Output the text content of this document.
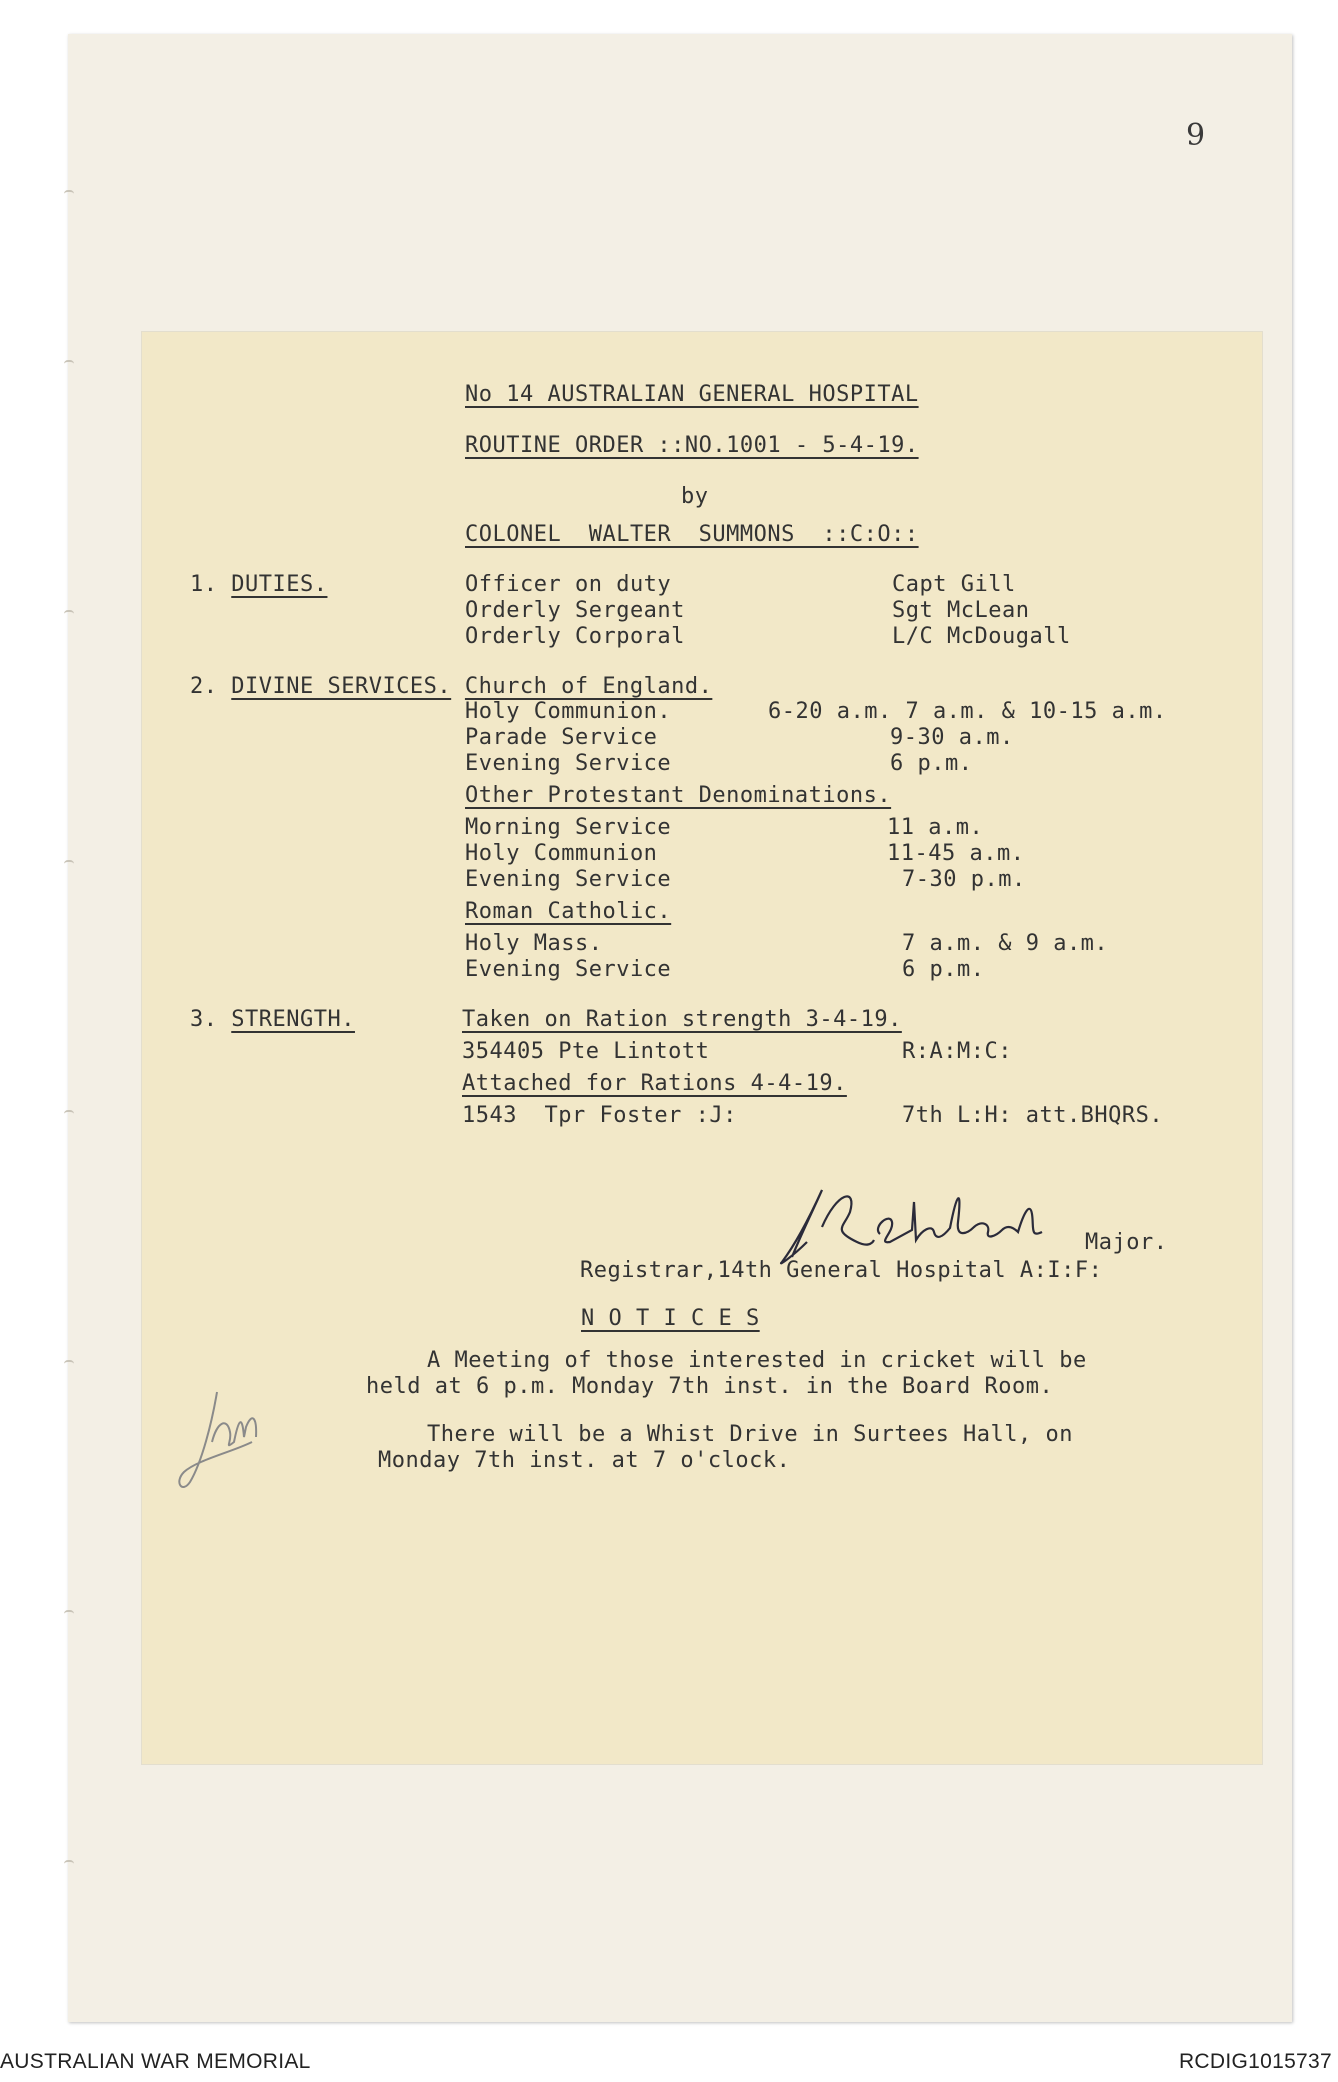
9
No 14 AUSTRALIAN GENERAL HOSPITAL
ROUTINE ORDER ::NO.1001 - 5-4-19.
by
COLONEL  WALTER  SUMMONS  ::C:O::
1. DUTIES.	Officer on duty	Capt Gill
Orderly Sergeant	Sgt McLean
Orderly Corporal	L/C McDougall
2. DIVINE SERVICES. Church of England.
Holy Communion.	6-20 a.m. 7 a.m. & 10-15 a.m.
Parade Service	9-30 a.m.
Evening Service	6 p.m.
Other Protestant Denominations.
Morning Service	11 a.m.
Holy Communion	11-45 a.m.
Evening Service	7-30 p.m.
Roman Catholic.
Holy Mass.	7 a.m. & 9 a.m.
Evening Service	6 p.m.
3. STRENGTH.	Taken on Ration strength 3-4-19.
354405 Pte Lintott	R:A:M:C:
Attached for Rations 4-4-19.
1543  Tpr Foster :J:	7th L:H: att.BHQRS.
Major.
Registrar,14th General Hospital A:I:F:
N O T I C E S
A Meeting of those interested in cricket will be
held at 6 p.m. Monday 7th inst. in the Board Room.
There will be a Whist Drive in Surtees Hall, on
Monday 7th inst. at 7 o'clock.
AUSTRALIAN WAR MEMORIAL	RCDIG1015737
